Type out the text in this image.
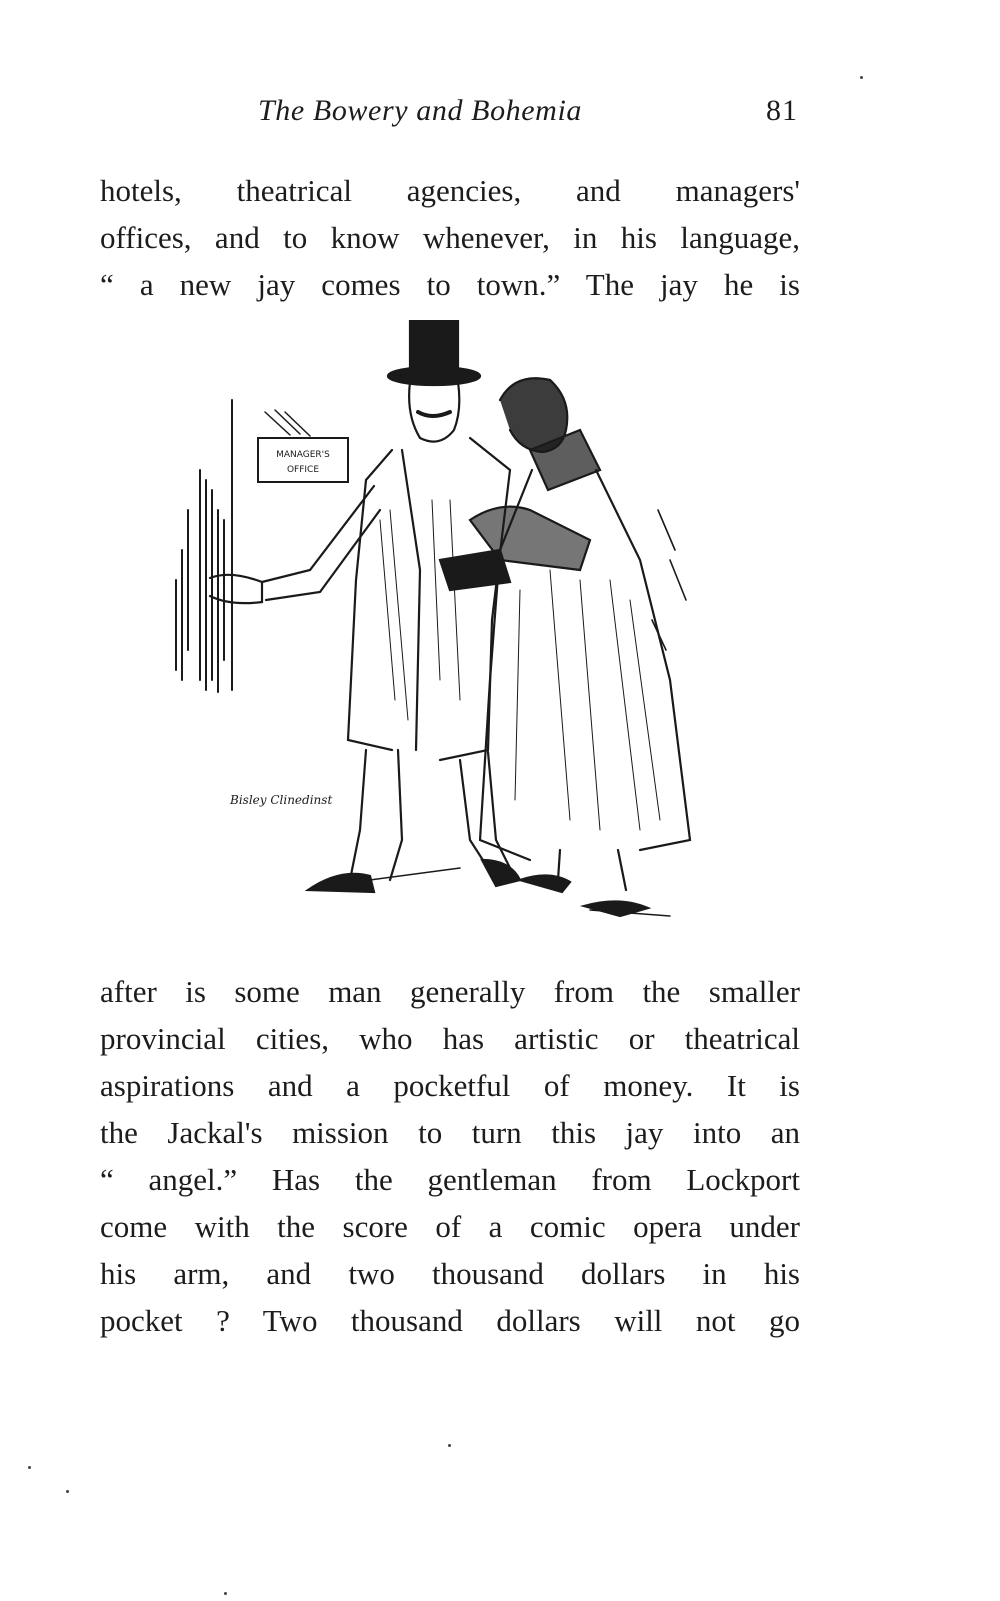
The Bowery and Bohemia	81
hotels, theatrical agencies, and managers'
offices, and to know whenever, in his language,
“ a new jay comes to town.” The jay he is
MANAGER'S
OFFICE
Bisley Clinedinst
after is some man generally from the smaller
provincial cities, who has artistic or theatrical
aspirations and a pocketful of money. It is
the Jackal's mission to turn this jay into an
“ angel.” Has the gentleman from Lockport
come with the score of a comic opera under
his arm, and two thousand dollars in his
pocket ? Two thousand dollars will not go
